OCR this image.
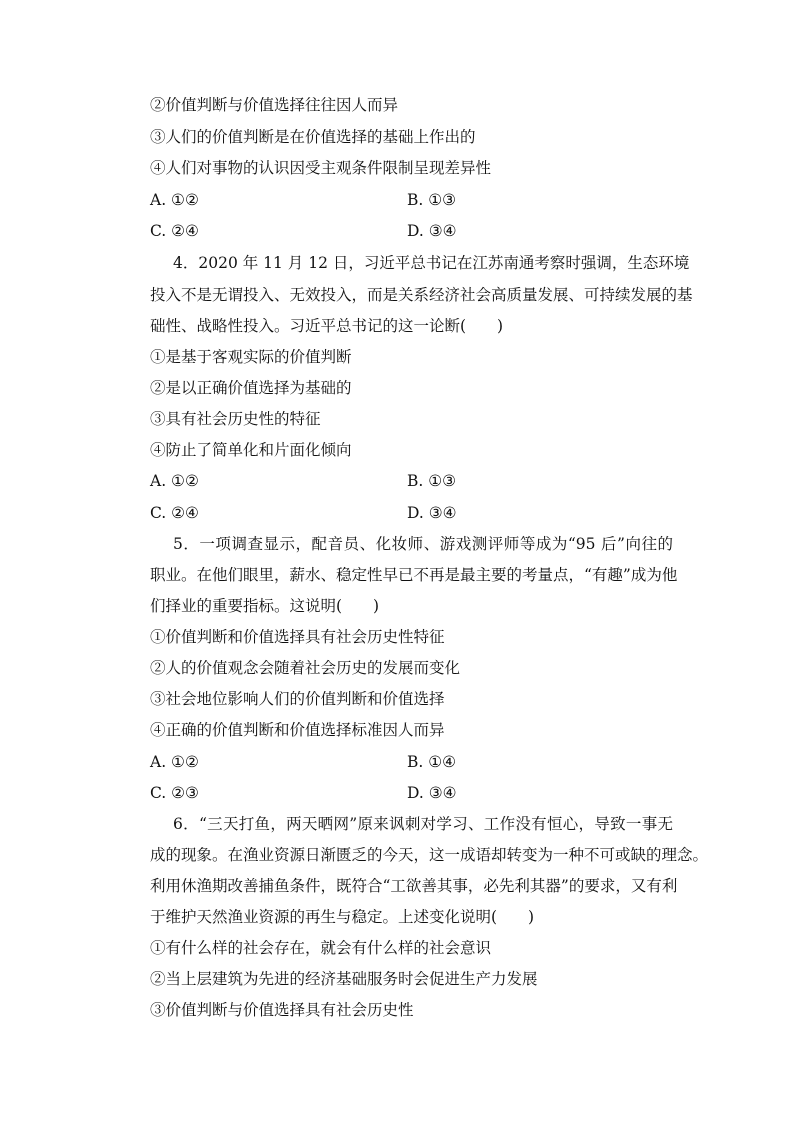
②价值判断与价值选择往往因人而异
③人们的价值判断是在价值选择的基础上作出的
④人们对事物的认识因受主观条件限制呈现差异性
A. ①②	B. ①③
C. ②④	D. ③④
4．2020 年 11 月 12 日，习近平总书记在江苏南通考察时强调，生态环境
投入不是无谓投入、无效投入，而是关系经济社会高质量发展、可持续发展的基
础性、战略性投入。习近平总书记的这一论断(　　)
①是基于客观实际的价值判断
②是以正确价值选择为基础的
③具有社会历史性的特征
④防止了简单化和片面化倾向
A. ①②	B. ①③
C. ②④	D. ③④
5．一项调查显示，配音员、化妆师、游戏测评师等成为“95 后”向往的
职业。在他们眼里，薪水、稳定性早已不再是最主要的考量点，“有趣”成为他
们择业的重要指标。这说明(　　)
①价值判断和价值选择具有社会历史性特征
②人的价值观念会随着社会历史的发展而变化
③社会地位影响人们的价值判断和价值选择
④正确的价值判断和价值选择标准因人而异
A. ①②	B. ①④
C. ②③	D. ③④
6．“三天打鱼，两天晒网”原来讽刺对学习、工作没有恒心，导致一事无
成的现象。在渔业资源日渐匮乏的今天，这一成语却转变为一种不可或缺的理念。
利用休渔期改善捕鱼条件，既符合“工欲善其事，必先利其器”的要求，又有利
于维护天然渔业资源的再生与稳定。上述变化说明(　　)
①有什么样的社会存在，就会有什么样的社会意识
②当上层建筑为先进的经济基础服务时会促进生产力发展
③价值判断与价值选择具有社会历史性
